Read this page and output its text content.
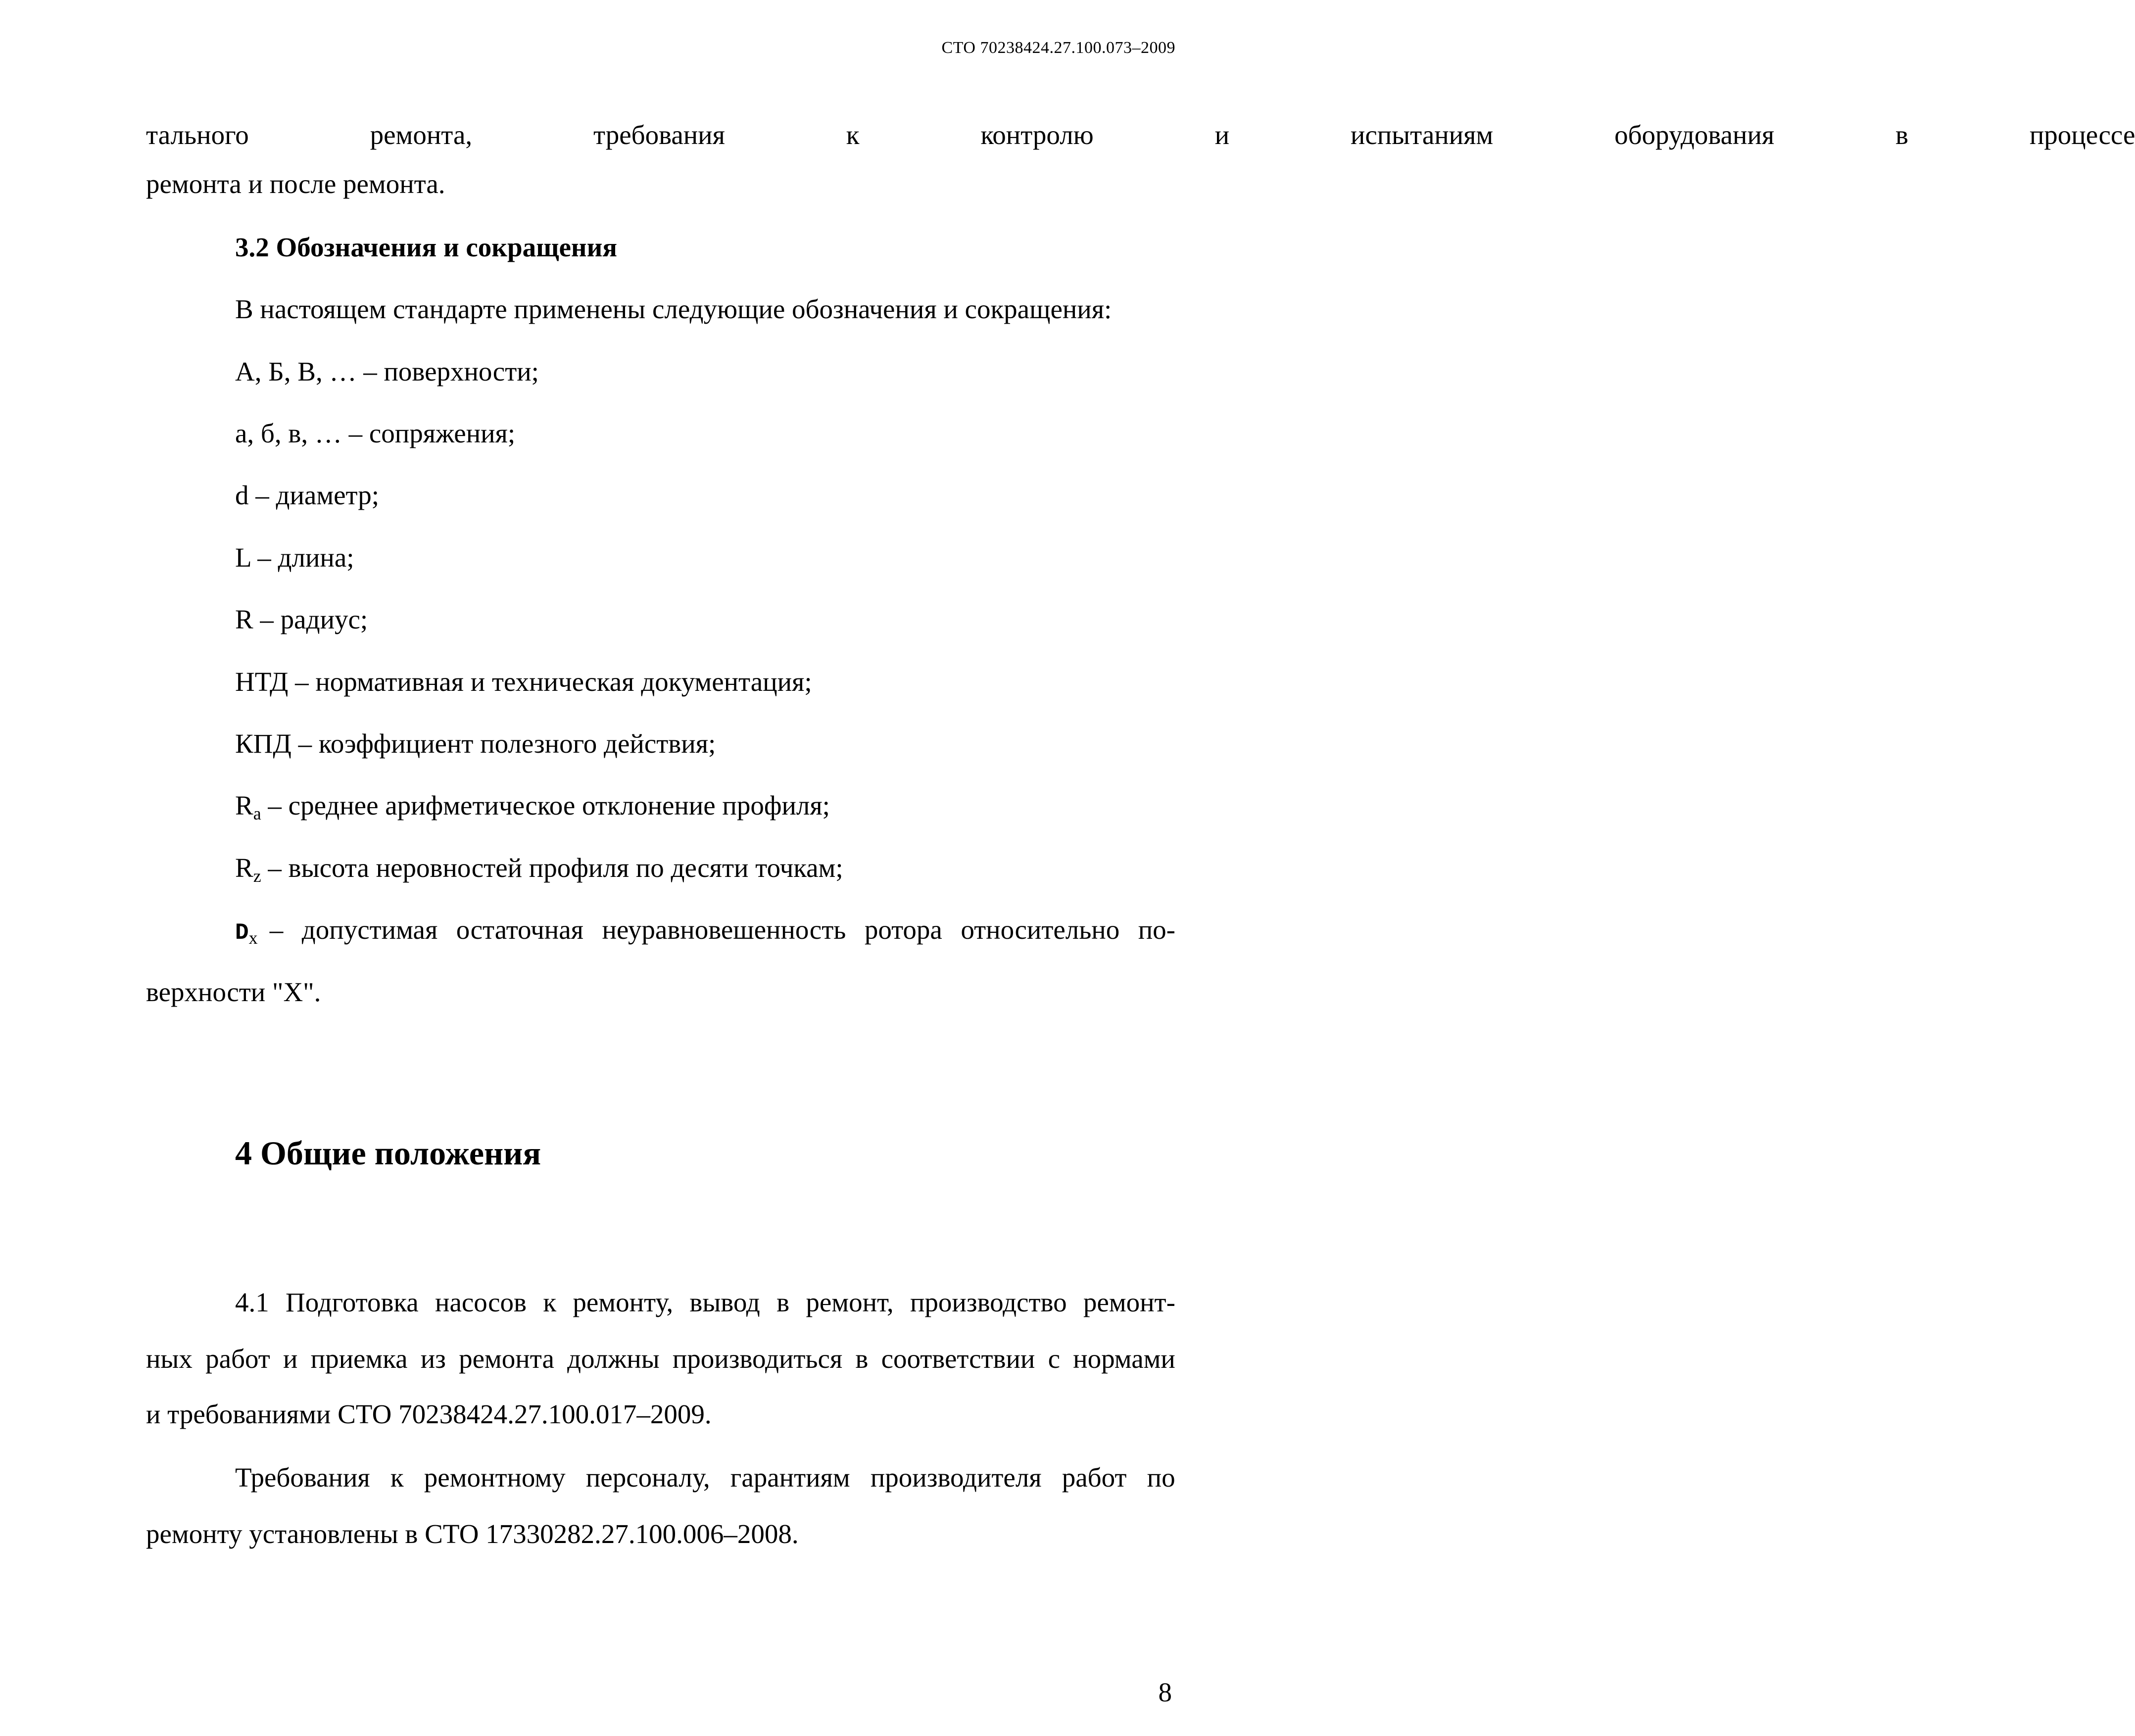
СТО 70238424.27.100.073–2009
тального ремонта, требования к контролю и испытаниям оборудования в процессе
ремонта и после ремонта.
3.2 Обозначения и сокращения
В настоящем стандарте применены следующие обозначения и сокращения:
А, Б, В, … – поверхности;
а, б, в, … – сопряжения;
d – диаметр;
L – длина;
R – радиус;
НТД – нормативная и техническая документация;
КПД – коэффициент полезного действия;
$R_a$ – среднее арифметическое отклонение профиля;
$R_z$ – высота неровностей профиля по десяти точкам;
$D_x$ – допустимая остаточная неуравновешенность ротора относительно по-
верхности "X".
4 Общие положения
4.1 Подготовка насосов к ремонту, вывод в ремонт, производство ремонт-
ных работ и приемка из ремонта должны производиться в соответствии с нормами
и требованиями СТО 70238424.27.100.017–2009.
Требования к ремонтному персоналу, гарантиям производителя работ по
ремонту установлены в СТО 17330282.27.100.006–2008.
8
